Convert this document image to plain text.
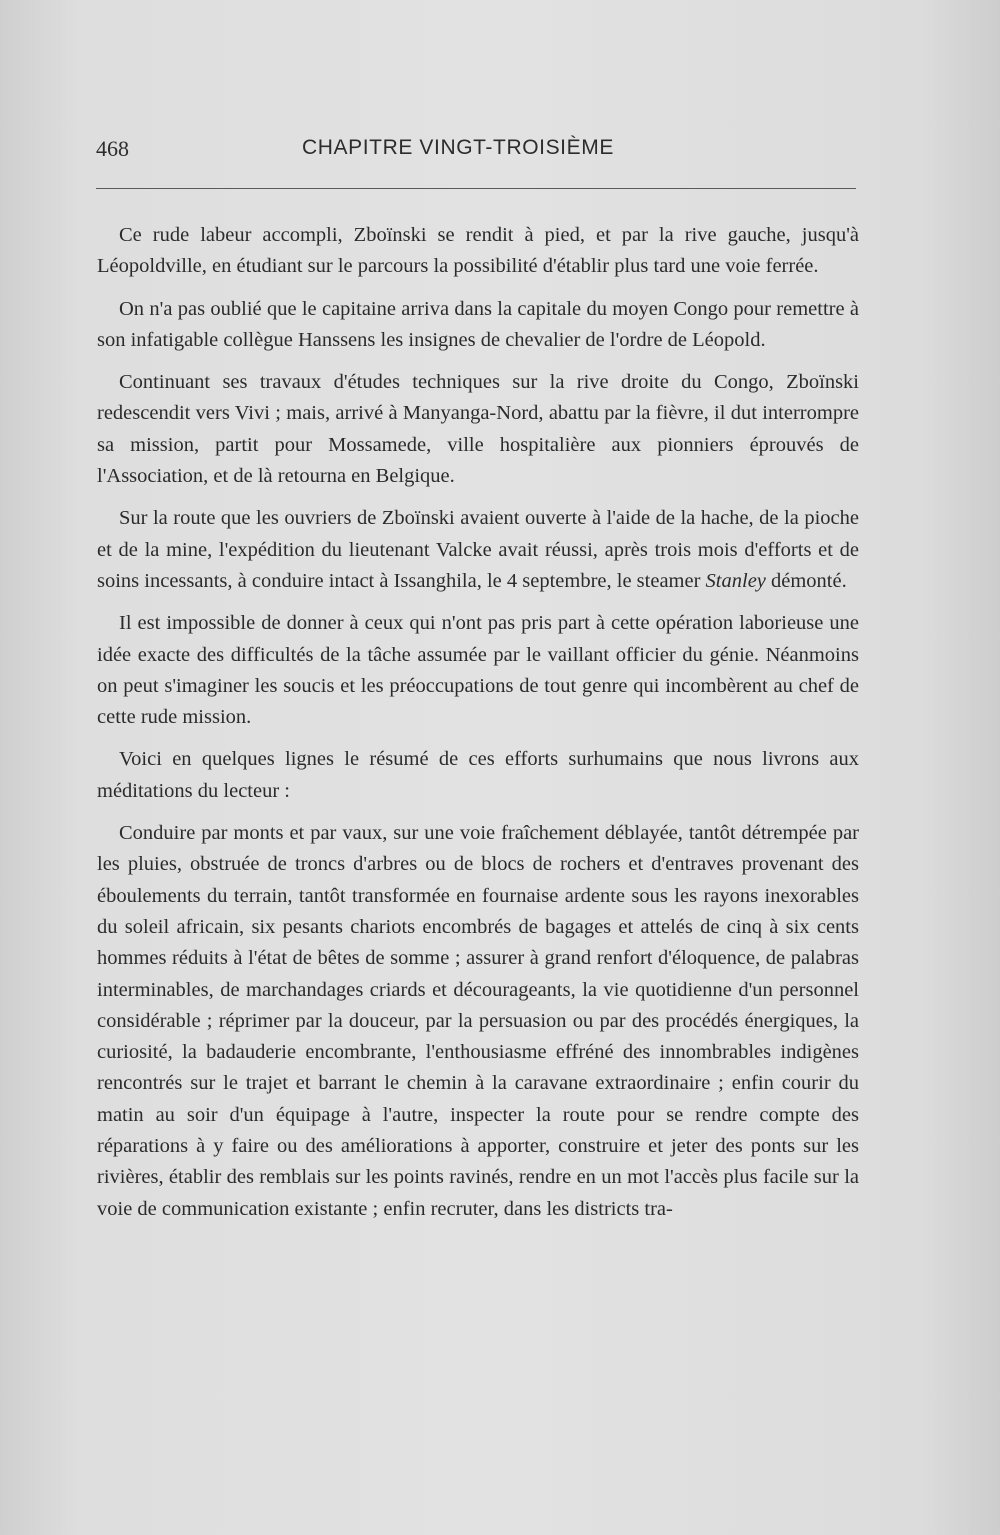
468	CHAPITRE VINGT-TROISIÈME

Ce rude labeur accompli, Zboïnski se rendit à pied, et par la rive gauche, jusqu'à Léopoldville, en étudiant sur le parcours la possibilité d'établir plus tard une voie ferrée.

On n'a pas oublié que le capitaine arriva dans la capitale du moyen Congo pour remettre à son infatigable collègue Hanssens les insignes de chevalier de l'ordre de Léopold.

Continuant ses travaux d'études techniques sur la rive droite du Congo, Zboïnski redescendit vers Vivi ; mais, arrivé à Manyanga-Nord, abattu par la fièvre, il dut interrompre sa mission, partit pour Mossamede, ville hospitalière aux pionniers éprouvés de l'Association, et de là retourna en Belgique.

Sur la route que les ouvriers de Zboïnski avaient ouverte à l'aide de la hache, de la pioche et de la mine, l'expédition du lieutenant Valcke avait réussi, après trois mois d'efforts et de soins incessants, à conduire intact à Issanghila, le 4 septembre, le steamer Stanley démonté.

Il est impossible de donner à ceux qui n'ont pas pris part à cette opération laborieuse une idée exacte des difficultés de la tâche assumée par le vaillant officier du génie. Néanmoins on peut s'imaginer les soucis et les préoccupations de tout genre qui incombèrent au chef de cette rude mission.

Voici en quelques lignes le résumé de ces efforts surhumains que nous livrons aux méditations du lecteur :

Conduire par monts et par vaux, sur une voie fraîchement déblayée, tantôt détrempée par les pluies, obstruée de troncs d'arbres ou de blocs de rochers et d'entraves provenant des éboulements du terrain, tantôt transformée en fournaise ardente sous les rayons inexorables du soleil africain, six pesants chariots encombrés de bagages et attelés de cinq à six cents hommes réduits à l'état de bêtes de somme ; assurer à grand renfort d'éloquence, de palabras interminables, de marchandages criards et décourageants, la vie quotidienne d'un personnel considérable ; réprimer par la douceur, par la persuasion ou par des procédés énergiques, la curiosité, la badauderie encombrante, l'enthousiasme effréné des innombrables indigènes rencontrés sur le trajet et barrant le chemin à la caravane extraordinaire ; enfin courir du matin au soir d'un équipage à l'autre, inspecter la route pour se rendre compte des réparations à y faire ou des améliorations à apporter, construire et jeter des ponts sur les rivières, établir des remblais sur les points ravinés, rendre en un mot l'accès plus facile sur la voie de communication existante ; enfin recruter, dans les districts tra-
